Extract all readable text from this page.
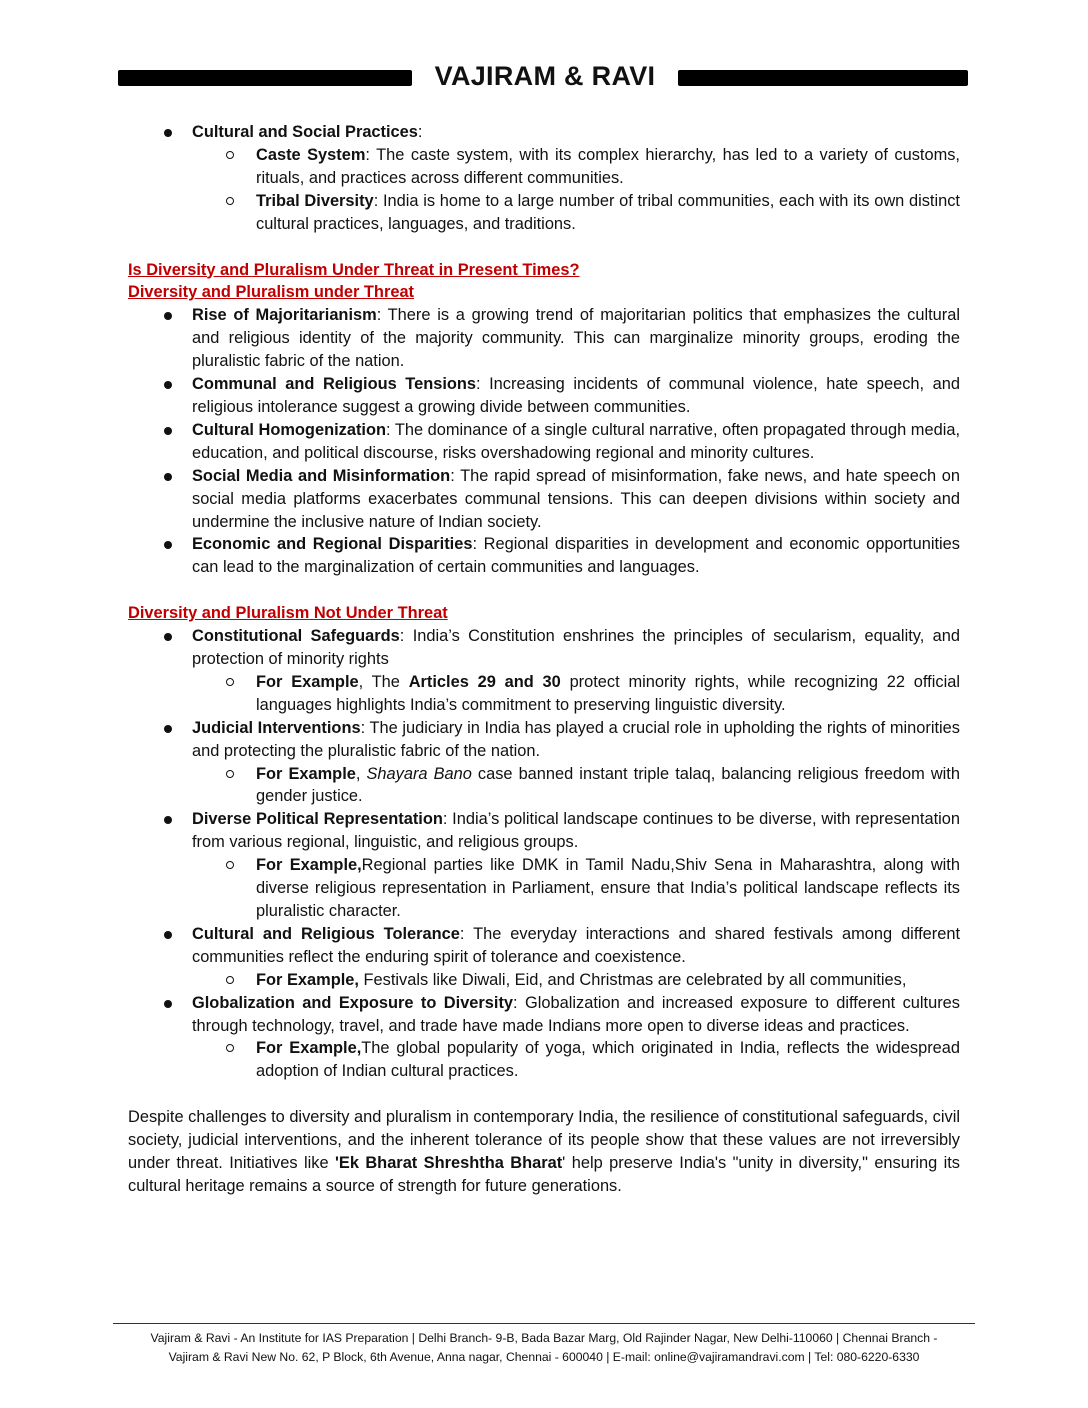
VAJIRAM & RAVI
Cultural and Social Practices:
Caste System: The caste system, with its complex hierarchy, has led to a variety of customs, rituals, and practices across different communities.
Tribal Diversity: India is home to a large number of tribal communities, each with its own distinct cultural practices, languages, and traditions.
Is Diversity and Pluralism Under Threat in Present Times?
Diversity and Pluralism under Threat
Rise of Majoritarianism: There is a growing trend of majoritarian politics that emphasizes the cultural and religious identity of the majority community. This can marginalize minority groups, eroding the pluralistic fabric of the nation.
Communal and Religious Tensions: Increasing incidents of communal violence, hate speech, and religious intolerance suggest a growing divide between communities.
Cultural Homogenization: The dominance of a single cultural narrative, often propagated through media, education, and political discourse, risks overshadowing regional and minority cultures.
Social Media and Misinformation: The rapid spread of misinformation, fake news, and hate speech on social media platforms exacerbates communal tensions. This can deepen divisions within society and undermine the inclusive nature of Indian society.
Economic and Regional Disparities: Regional disparities in development and economic opportunities can lead to the marginalization of certain communities and languages.
Diversity and Pluralism Not Under Threat
Constitutional Safeguards: India’s Constitution enshrines the principles of secularism, equality, and protection of minority rights
For Example, The Articles 29 and 30 protect minority rights, while recognizing 22 official languages highlights India’s commitment to preserving linguistic diversity.
Judicial Interventions: The judiciary in India has played a crucial role in upholding the rights of minorities and protecting the pluralistic fabric of the nation.
For Example, Shayara Bano case banned instant triple talaq, balancing religious freedom with gender justice.
Diverse Political Representation: India’s political landscape continues to be diverse, with representation from various regional, linguistic, and religious groups.
For Example,Regional parties like DMK in Tamil Nadu,Shiv Sena in Maharashtra, along with diverse religious representation in Parliament, ensure that India’s political landscape reflects its pluralistic character.
Cultural and Religious Tolerance: The everyday interactions and shared festivals among different communities reflect the enduring spirit of tolerance and coexistence.
For Example, Festivals like Diwali, Eid, and Christmas are celebrated by all communities,
Globalization and Exposure to Diversity: Globalization and increased exposure to different cultures through technology, travel, and trade have made Indians more open to diverse ideas and practices.
For Example,The global popularity of yoga, which originated in India, reflects the widespread adoption of Indian cultural practices.

Despite challenges to diversity and pluralism in contemporary India, the resilience of constitutional safeguards, civil society, judicial interventions, and the inherent tolerance of its people show that these values are not irreversibly under threat. Initiatives like 'Ek Bharat Shreshtha Bharat' help preserve India's "unity in diversity," ensuring its cultural heritage remains a source of strength for future generations.

Vajiram & Ravi - An Institute for IAS Preparation | Delhi Branch- 9-B, Bada Bazar Marg, Old Rajinder Nagar, New Delhi-110060 | Chennai Branch -
Vajiram & Ravi New No. 62, P Block, 6th Avenue, Anna nagar, Chennai - 600040 | E-mail: online@vajiramandravi.com | Tel: 080-6220-6330
